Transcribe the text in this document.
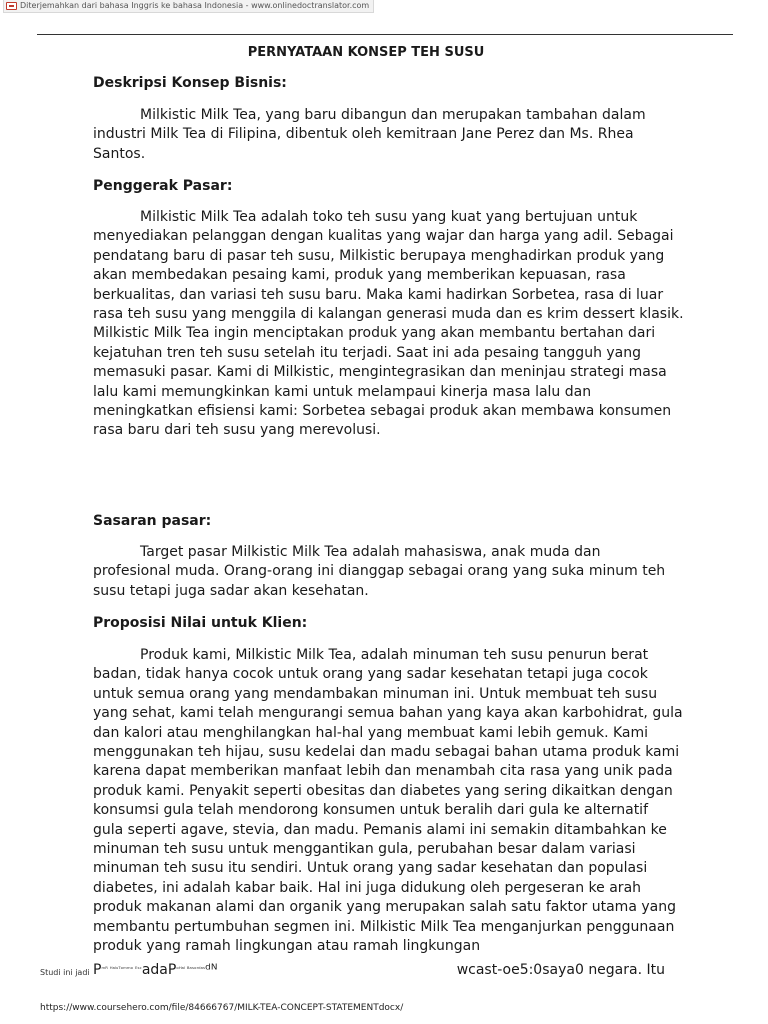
Diterjemahkan dari bahasa Inggris ke bahasa Indonesia - www.onlinedoctranslator.com
PERNYATAAN KONSEP TEH SUSU
Deskripsi Konsep Bisnis:
Milkistic Milk Tea, yang baru dibangun dan merupakan tambahan dalam
industri Milk Tea di Filipina, dibentuk oleh kemitraan Jane Perez dan Ms. Rhea
Santos.
Penggerak Pasar:
Milkistic Milk Tea adalah toko teh susu yang kuat yang bertujuan untuk
menyediakan pelanggan dengan kualitas yang wajar dan harga yang adil. Sebagai
pendatang baru di pasar teh susu, Milkistic berupaya menghadirkan produk yang
akan membedakan pesaing kami, produk yang memberikan kepuasan, rasa
berkualitas, dan variasi teh susu baru. Maka kami hadirkan Sorbetea, rasa di luar
rasa teh susu yang menggila di kalangan generasi muda dan es krim dessert klasik.
Milkistic Milk Tea ingin menciptakan produk yang akan membantu bertahan dari
kejatuhan tren teh susu setelah itu terjadi. Saat ini ada pesaing tangguh yang
memasuki pasar. Kami di Milkistic, mengintegrasikan dan meninjau strategi masa
lalu kami memungkinkan kami untuk melampaui kinerja masa lalu dan
meningkatkan efisiensi kami: Sorbetea sebagai produk akan membawa konsumen
rasa baru dari teh susu yang merevolusi.
Sasaran pasar:
Target pasar Milkistic Milk Tea adalah mahasiswa, anak muda dan
profesional muda. Orang-orang ini dianggap sebagai orang yang suka minum teh
susu tetapi juga sadar akan kesehatan.
Proposisi Nilai untuk Klien:
Produk kami, Milkistic Milk Tea, adalah minuman teh susu penurun berat
badan, tidak hanya cocok untuk orang yang sadar kesehatan tetapi juga cocok
untuk semua orang yang mendambakan minuman ini. Untuk membuat teh susu
yang sehat, kami telah mengurangi semua bahan yang kaya akan karbohidrat, gula
dan kalori atau menghilangkan hal-hal yang membuat kami lebih gemuk. Kami
menggunakan teh hijau, susu kedelai dan madu sebagai bahan utama produk kami
karena dapat memberikan manfaat lebih dan menambah cita rasa yang unik pada
produk kami. Penyakit seperti obesitas dan diabetes yang sering dikaitkan dengan
konsumsi gula telah mendorong konsumen untuk beralih dari gula ke alternatif
gula seperti agave, stevia, dan madu. Pemanis alami ini semakin ditambahkan ke
minuman teh susu untuk menggantikan gula, perubahan besar dalam variasi
minuman teh susu itu sendiri. Untuk orang yang sadar kesehatan dan populasi
diabetes, ini adalah kabar baik. Hal ini juga didukung oleh pergeseran ke arah
produk makanan alami dan organik yang merupakan salah satu faktor utama yang
membantu pertumbuhan segmen ini. Milkistic Milk Tea menganjurkan penggunaan
produk yang ramah lingkungan atau ramah lingkungan
Studi ini jadi Pᵐᴿ ᴴᵃˡᵘᵀᵒᵐᵐᵒ ᴱˢᶜadaPᵒᴴᵃˡ ᴮᵃˢᵒʳᵈᵃˢᵈᴺ	wcast-oe5:0saya0 negara. Itu
https://www.coursehero.com/file/84666767/MILK-TEA-CONCEPT-STATEMENTdocx/
